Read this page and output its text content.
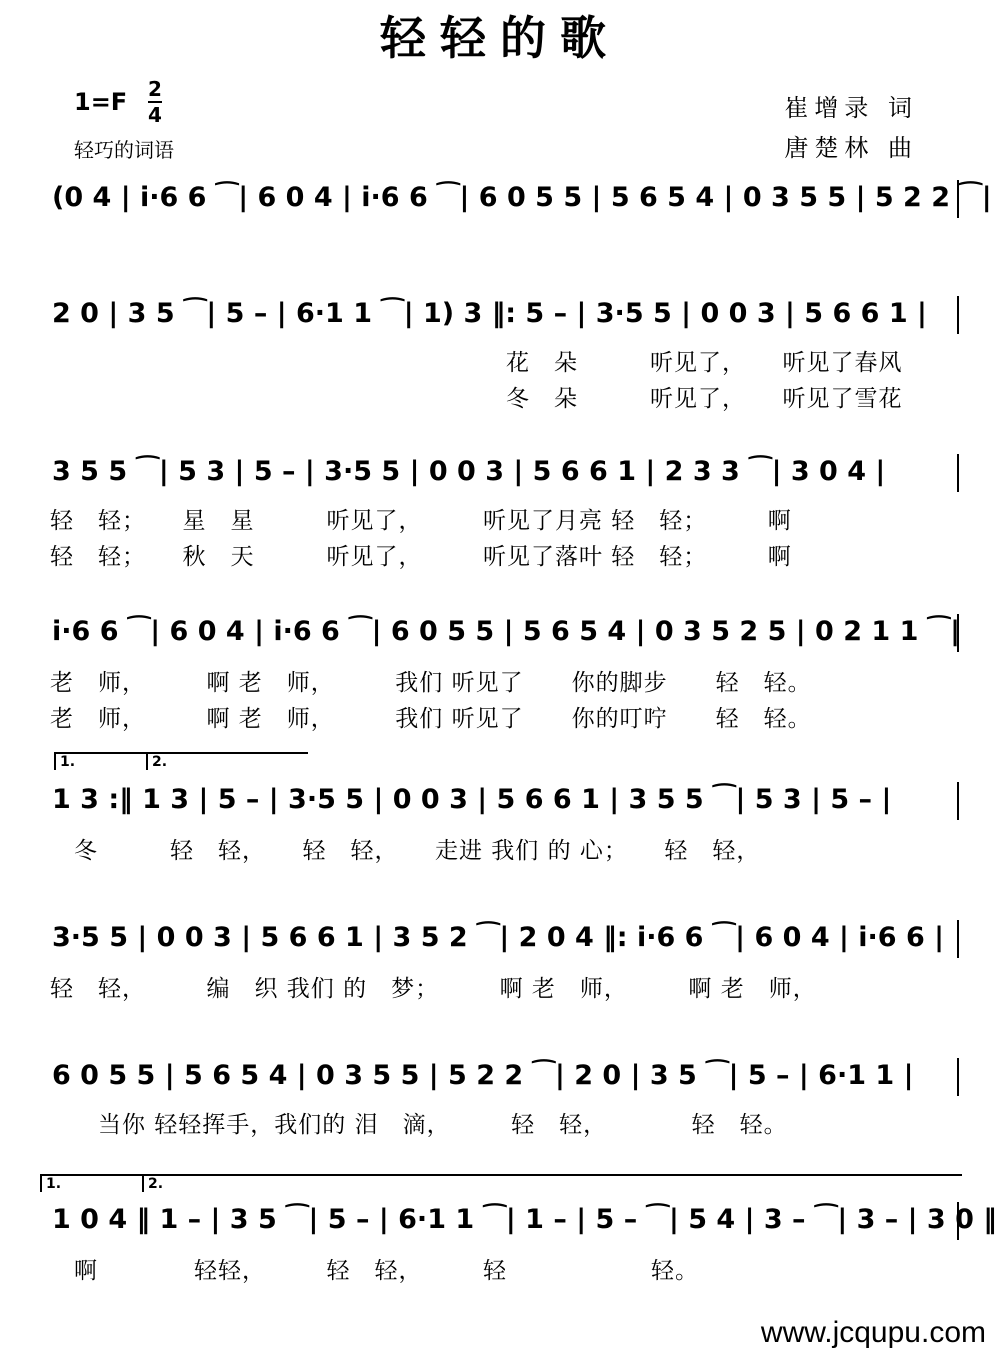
轻轻的歌
1=F 2
4
轻巧的词语
崔增录 词
唐楚林 曲
(0 4 | i·6 6 ⁀| 6 0 4 | i·6 6 ⁀| 6 0 5 5 | 5 6 5 4 | 0 3 5 5 | 5 2 2 ⁀|
2 0 | 3 5 ⁀| 5 – | 6·1 1 ⁀| 1) 3 ‖: 5 – | 3·5 5 | 0 0 3 | 5 6 6 1 |
　　　　　　　　　　　　　　　　　　　花　朵　　　听见了，　　听见了春风
　　　　　　　　　　　　　　　　　　　冬　朵　　　听见了，　　听见了雪花
3 5 5 ⁀| 5 3 | 5 – | 3·5 5 | 0 0 3 | 5 6 6 1 | 2 3 3 ⁀| 3 0 4 |
轻　轻；　　星　星　　　听见了，　　　听见了月亮 轻　轻；　　　啊
轻　轻；　　秋　天　　　听见了，　　　听见了落叶 轻　轻；　　　啊
i·6 6 ⁀| 6 0 4 | i·6 6 ⁀| 6 0 5 5 | 5 6 5 4 | 0 3 5 2 5 | 0 2 1 1 ⁀|
老　师，　　　啊 老　师，　　　我们 听见了　　你的脚步　　轻　轻。
老　师，　　　啊 老　师，　　　我们 听见了　　你的叮咛　　轻　轻。
1.	2.
1 3 :‖ 1 3 | 5 – | 3·5 5 | 0 0 3 | 5 6 6 1 | 3 5 5 ⁀| 5 3 | 5 – |
　冬　　　轻　轻，　　轻　轻，　　走进 我们 的 心；　　轻　轻，
3·5 5 | 0 0 3 | 5 6 6 1 | 3 5 2 ⁀| 2 0 4 ‖: i·6 6 ⁀| 6 0 4 | i·6 6 |
轻　轻，　　　编　织 我们 的　梦；　　　啊 老　师，　　　啊 老　师，
6 0 5 5 | 5 6 5 4 | 0 3 5 5 | 5 2 2 ⁀| 2 0 | 3 5 ⁀| 5 – | 6·1 1 |
　　当你 轻轻挥手，我们的 泪　滴，　　　轻　轻，　　　　轻　轻。
1.	2.
1 0 4 ‖ 1 – | 3 5 ⁀| 5 – | 6·1 1 ⁀| 1 – | 5 – ⁀| 5 4 | 3 – ⁀| 3 – | 3 0 ‖
　啊　　　　轻轻，　　　轻　轻，　　　轻　　　　　　轻。
www.jcqupu.com
